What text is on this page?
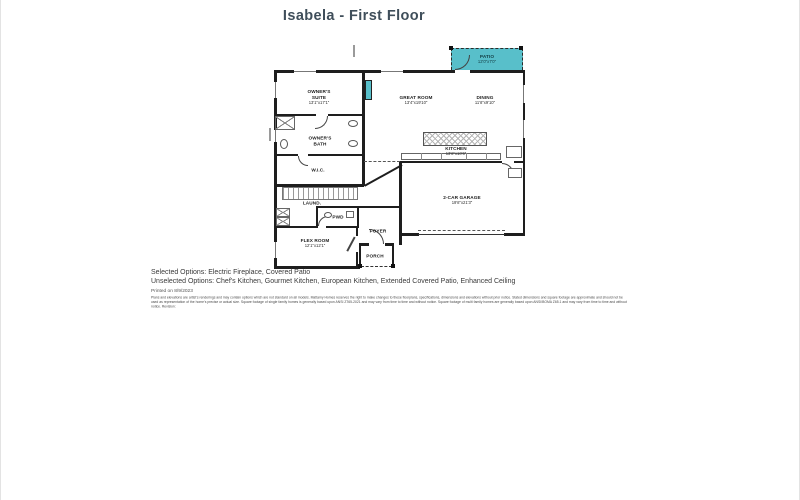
Isabela - First Floor
PATIO
12'0"x7'0"
OWNER'S SUITE
13'1"x17'1"
GREAT ROOM
13'4"x19'10"
DINING
11'8"x9'10"
OWNER'S BATH
W.I.C.
KITCHEN
13'8"x10'6"
2-CAR GARAGE
19'8"x21'3"
LAUND.
PWD
FOYER
FLEX ROOM
12'1"x12'1"
PORCH
Selected Options: Electric Fireplace, Covered Patio
Unselected Options: Chef's Kitchen, Gourmet Kitchen, European Kitchen, Extended Covered Patio, Enhanced Ceiling
Printed on 8/9/2023
Plans and elevations are artist's renderings and may contain options which are not standard on all models. Mattamy Homes reserves the right to make changes to these floorplans, specifications, dimensions and elevations without prior notice. Stated dimensions and square footage are approximate and should not be used as representation of the home's precise or actual size. Square footage of single family homes is generally based upon ANSI Z765-2021 and may vary from time to time and without notice. Square footage of multi family homes are generally based upon ANSI/BOMA Z65.1 and may vary from time to time and without notice. Revision:
